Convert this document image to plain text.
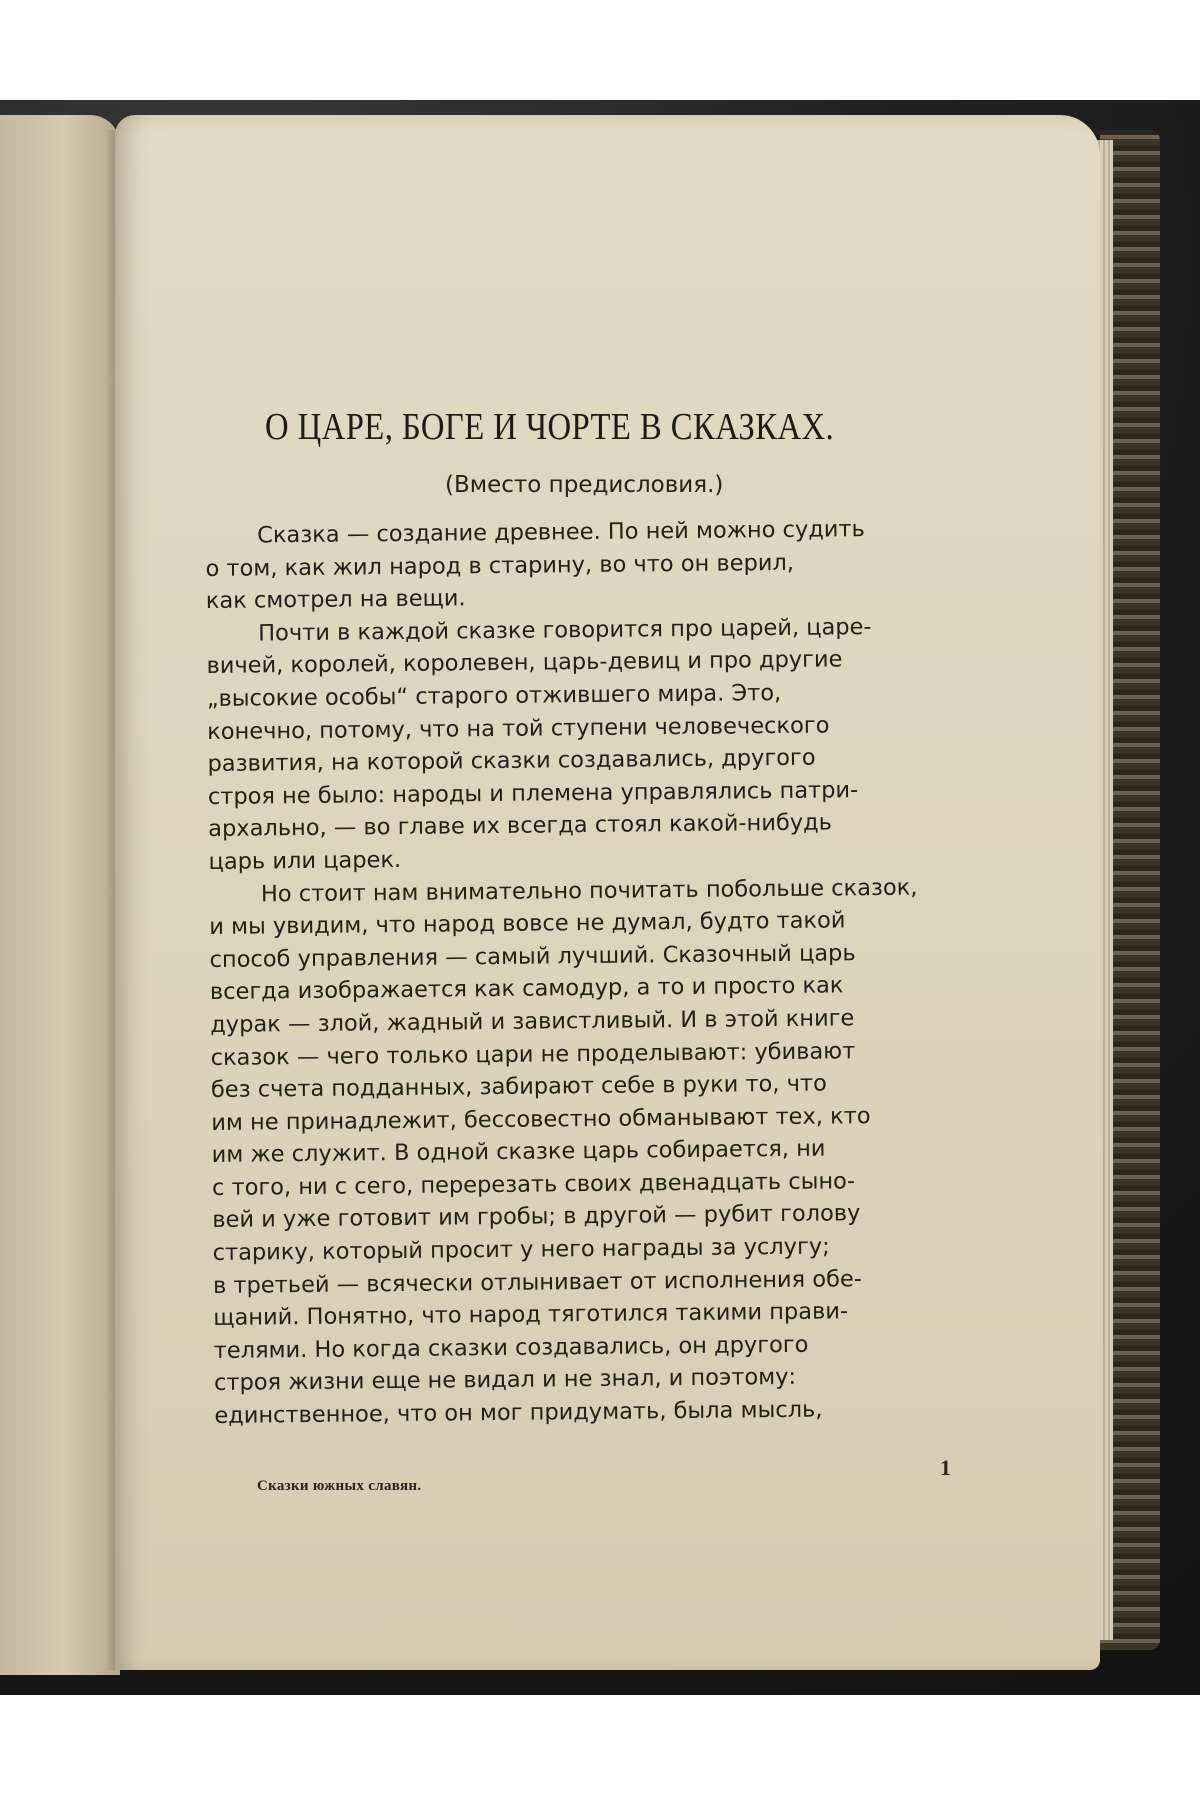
О ЦАРЕ, БОГЕ И ЧОРТЕ В СКАЗКАХ.
(Вместо предисловия.)
Сказка — создание древнее. По ней можно судить
о том, как жил народ в старину, во что он верил,
как смотрел на вещи.
Почти в каждой сказке говорится про царей, царе-
вичей, королей, королевен, царь-девиц и про другие
„высокие особы“ старого отжившего мира. Это,
конечно, потому, что на той ступени человеческого
развития, на которой сказки создавались, другого
строя не было: народы и племена управлялись патри-
архально, — во главе их всегда стоял какой-нибудь
царь или царек.
Но стоит нам внимательно почитать побольше сказок,
и мы увидим, что народ вовсе не думал, будто такой
способ управления — самый лучший. Сказочный царь
всегда изображается как самодур, а то и просто как
дурак — злой, жадный и завистливый. И в этой книге
сказок — чего только цари не проделывают: убивают
без счета подданных, забирают себе в руки то, что
им не принадлежит, бессовестно обманывают тех, кто
им же служит. В одной сказке царь собирается, ни
с того, ни с сего, перерезать своих двенадцать сыно-
вей и уже готовит им гробы; в другой — рубит голову
старику, который просит у него награды за услугу;
в третьей — всячески отлынивает от исполнения обе-
щаний. Понятно, что народ тяготился такими прави-
телями. Но когда сказки создавались, он другого
строя жизни еще не видал и не знал, и поэтому:
единственное, что он мог придумать, была мысль,
1
Сказки южных славян.
